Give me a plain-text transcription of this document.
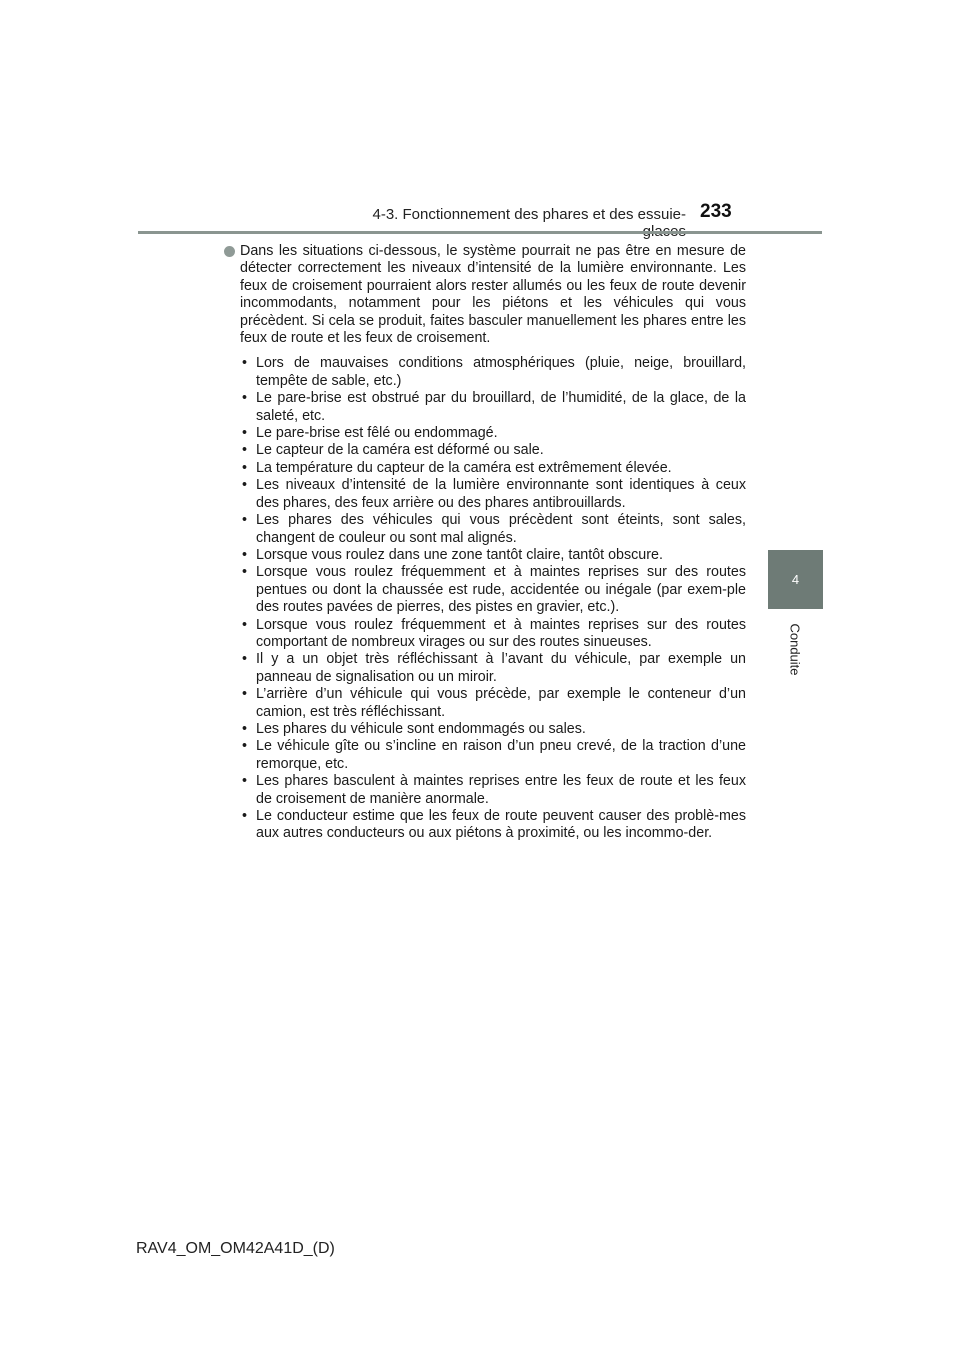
4-3. Fonctionnement des phares et des essuie- 233
4
Conduite

Dans les situations ci-dessous, le système pourrait ne pas être en mesure de détecter correctement les niveaux d’intensité de la lumière environnante. Les feux de croisement pourraient alors rester allumés ou les feux de route devenir incommodants, notamment pour les piétons et les véhicules qui vous précèdent. Si cela se produit, faites basculer manuellement les phares entre les feux de route et les feux de croisement.

• Lors de mauvaises conditions atmosphériques (pluie, neige, brouillard, tempête de sable, etc.)
• Le pare-brise est obstrué par du brouillard, de l’humidité, de la glace, de la saleté, etc.
• Le pare-brise est fêlé ou endommagé.
• Le capteur de la caméra est déformé ou sale.
• La température du capteur de la caméra est extrêmement élevée.
• Les niveaux d’intensité de la lumière environnante sont identiques à ceux des phares, des feux arrière ou des phares antibrouillards.
• Les phares des véhicules qui vous précèdent sont éteints, sont sales, changent de couleur ou sont mal alignés.
• Lorsque vous roulez dans une zone tantôt claire, tantôt obscure.
• Lorsque vous roulez fréquemment et à maintes reprises sur des routes pentues ou dont la chaussée est rude, accidentée ou inégale (par exem-ple des routes pavées de pierres, des pistes en gravier, etc.).
• Lorsque vous roulez fréquemment et à maintes reprises sur des routes comportant de nombreux virages ou sur des routes sinueuses.
• Il y a un objet très réfléchissant à l’avant du véhicule, par exemple un panneau de signalisation ou un miroir.
• L’arrière d’un véhicule qui vous précède, par exemple le conteneur d’un camion, est très réfléchissant.
• Les phares du véhicule sont endommagés ou sales.
• Le véhicule gîte ou s’incline en raison d’un pneu crevé, de la traction d’une remorque, etc.
• Les phares basculent à maintes reprises entre les feux de route et les feux de croisement de manière anormale.
• Le conducteur estime que les feux de route peuvent causer des problè-mes aux autres conducteurs ou aux piétons à proximité, ou les incommo-der.
RAV4_OM_OM42A41D_(D)
